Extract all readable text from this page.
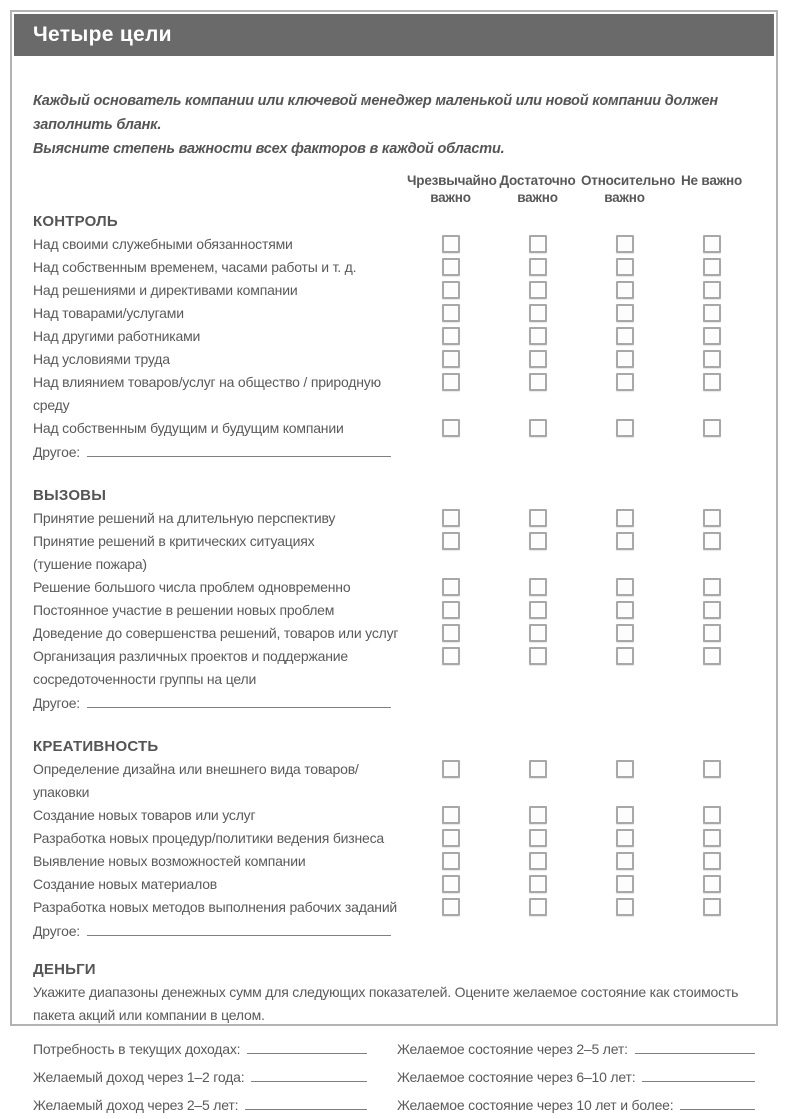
Четыре цели
Каждый основатель компании или ключевой менеджер маленькой или новой компании должен заполнить бланк.
Выясните степень важности всех факторов в каждой области.
Чрезвычайно важно
Достаточно важно
Относительно важно
Не важно
КОНТРОЛЬ
Над своими служебными обязанностями
Над собственным временем, часами работы и т. д.
Над решениями и директивами компании
Над товарами/услугами
Над другими работниками
Над условиями труда
Над влиянием товаров/услуг на общество / природную среду
Над собственным будущим и будущим компании
Другое:
ВЫЗОВЫ
Принятие решений на длительную перспективу
Принятие решений в критических ситуациях
(тушение пожара)
Решение большого числа проблем одновременно
Постоянное участие в решении новых проблем
Доведение до совершенства решений, товаров или услуг
Организация различных проектов и поддержание
сосредоточенности группы на цели
Другое:
КРЕАТИВНОСТЬ
Определение дизайна или внешнего вида товаров/упаковки
Создание новых товаров или услуг
Разработка новых процедур/политики ведения бизнеса
Выявление новых возможностей компании
Создание новых материалов
Разработка новых методов выполнения рабочих заданий
Другое:
ДЕНЬГИ
Укажите диапазоны денежных сумм для следующих показателей. Оцените желаемое состояние как стоимость
пакета акций или компании в целом.
Потребность в текущих доходах:	Желаемое состояние через 2–5 лет:
Желаемый доход через 1–2 года:	Желаемое состояние через 6–10 лет:
Желаемый доход через 2–5 лет:	Желаемое состояние через 10 лет и более:
